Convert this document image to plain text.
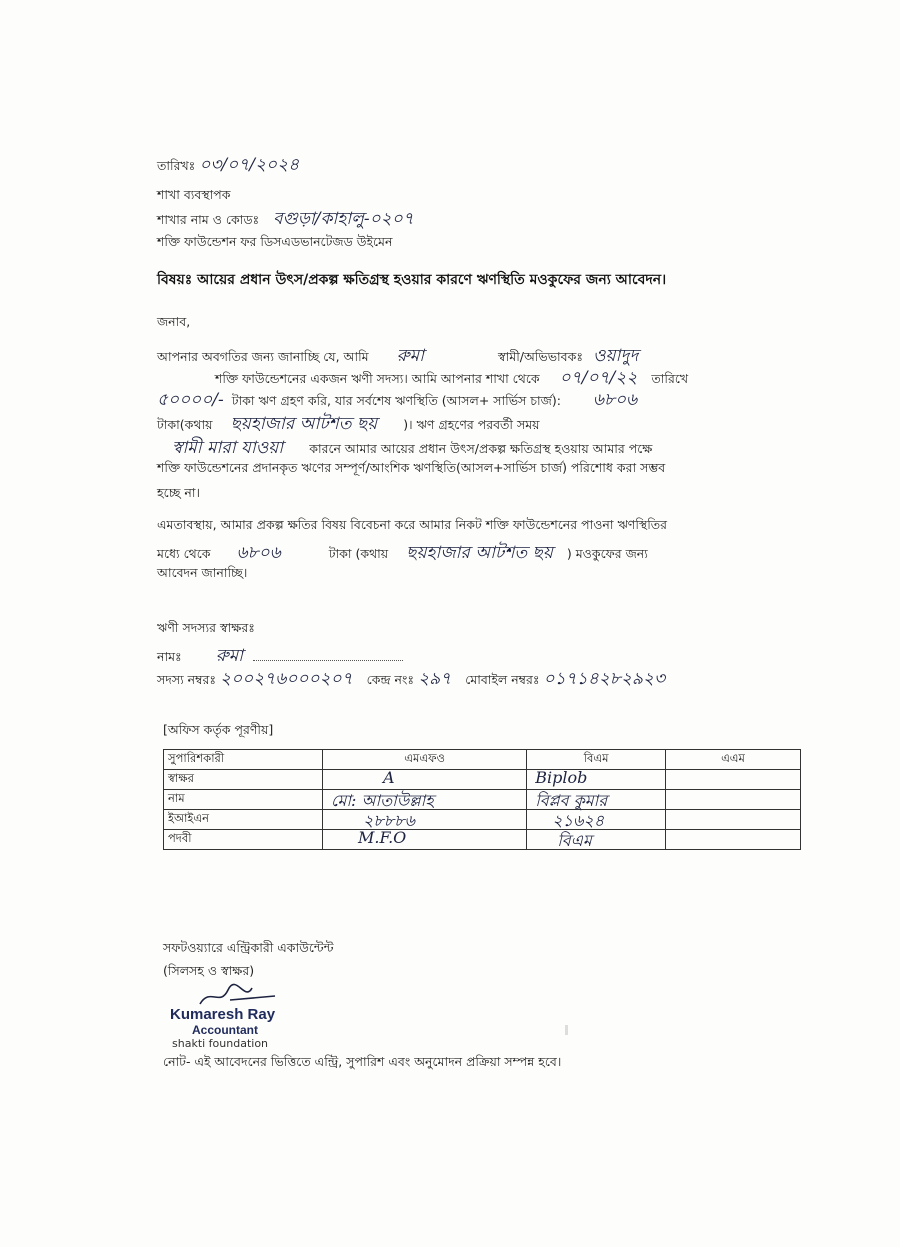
তারিখঃ ০৩/০৭/২০২৪
শাখা ব্যবস্থাপক
শাখার নাম ও কোডঃ বগুড়া/কাহালু-০২০৭
শক্তি ফাউন্ডেশন ফর ডিসএডভানটেজড উইমেন
বিষয়ঃ আয়ের প্রধান উৎস/প্রকল্প ক্ষতিগ্রস্থ হওয়ার কারণে ঋণস্থিতি মওকুফের জন্য আবেদন।
জনাব,
আপনার অবগতির জন্য জানাচ্ছি যে, আমি রুমা	স্বামী/অভিভাবকঃ ওয়াদুদ
শক্তি ফাউন্ডেশনের একজন ঋণী সদস্য। আমি আপনার শাখা থেকে ০৭/০৭/২২ তারিখে
৫০০০০/- টাকা ঋণ গ্রহণ করি, যার সর্বশেষ ঋণস্থিতি (আসল+ সার্ভিস চার্জ): ৬৮০৬
টাকা(কথায় ছয়হাজার আটশত ছয় )। ঋণ গ্রহণের পরবর্তী সময়
স্বামী মারা যাওয়া কারনে আমার আয়ের প্রধান উৎস/প্রকল্প ক্ষতিগ্রস্থ হওয়ায় আমার পক্ষে
শক্তি ফাউন্ডেশনের প্রদানকৃত ঋণের সম্পূর্ণ/আংশিক ঋণস্থিতি(আসল+সার্ভিস চার্জ) পরিশোধ করা সম্ভব
হচ্ছে না।
এমতাবস্থায়, আমার প্রকল্প ক্ষতির বিষয় বিবেচনা করে আমার নিকট শক্তি ফাউন্ডেশনের পাওনা ঋণস্থিতির
মধ্যে থেকে ৬৮০৬	টাকা (কথায় ছয়হাজার আটশত ছয় ) মওকুফের জন্য
আবেদন জানাচ্ছি।
ঋণী সদস্যর স্বাক্ষরঃ
নামঃ রুমা
সদস্য নম্বরঃ ২০০২৭৬০০০২০৭ কেন্দ্র নংঃ ২৯৭ মোবাইল নম্বরঃ ০১৭১৪২৮২৯২৩
[অফিস কর্তৃক পূরণীয়]
সুপারিশকারী	এমএফও	বিএম	এএম
স্বাক্ষর	A	Biplob	

নাম	মো: আতাউল্লাহ	বিপ্লব কুমার	

ইআইএন	২৮৮৮৬	২১৬২৪	

পদবী	M.F.O	বিএম	

সফটওয়্যারে এন্ট্রিকারী একাউন্টেন্ট
(সিলসহ ও স্বাক্ষর)
Kumaresh Ray
Accountant
shakti foundation
নোট- এই আবেদনের ভিত্তিতে এন্ট্রি, সুপারিশ এবং অনুমোদন প্রক্রিয়া সম্পন্ন হবে।
